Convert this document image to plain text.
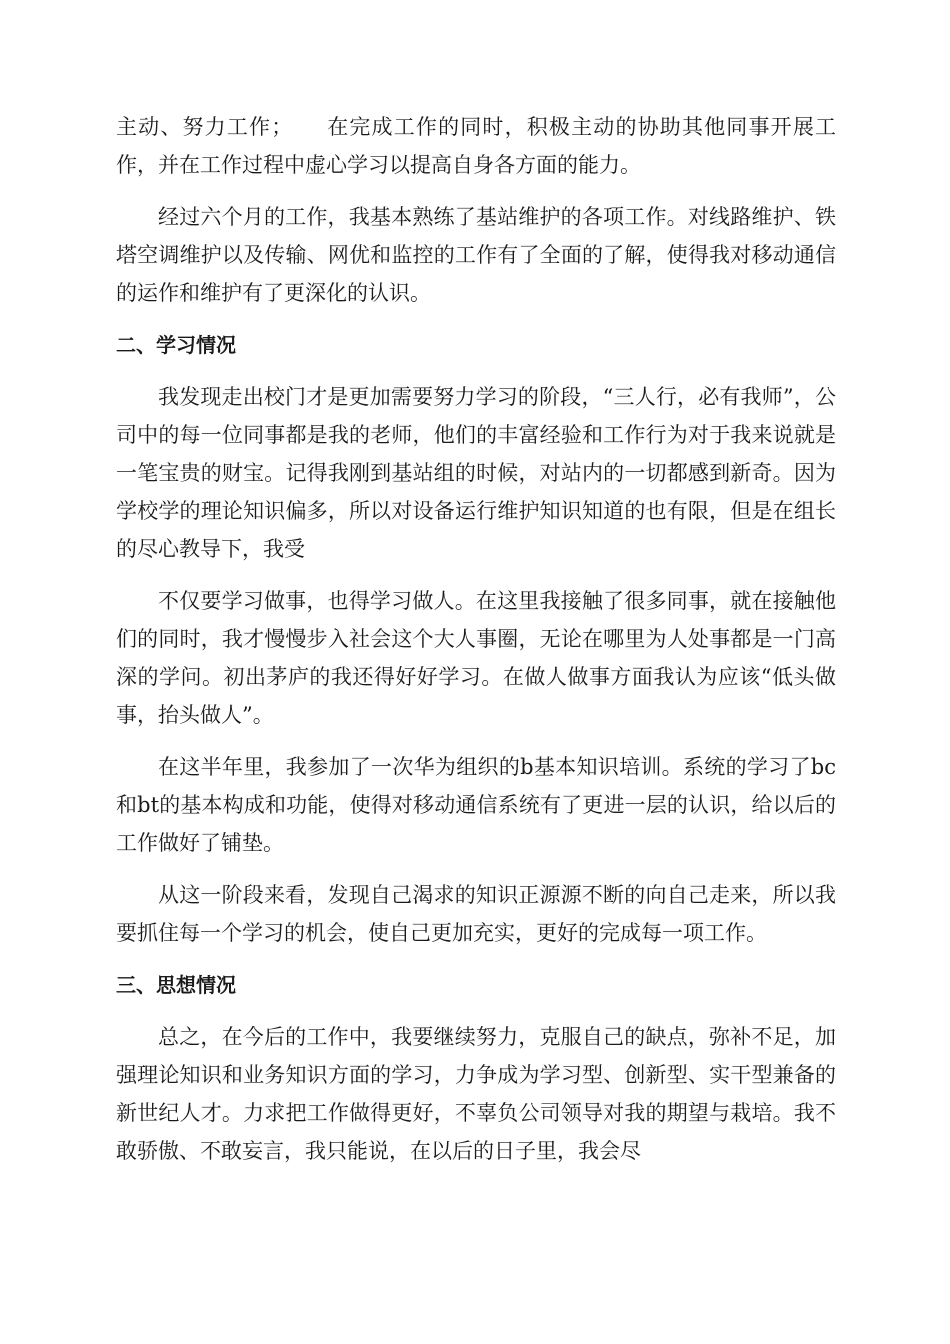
主动、努力工作；　　在完成工作的同时，积极主动的协助其他同事开展工作，并在工作过程中虚心学习以提高自身各方面的能力。

经过六个月的工作，我基本熟练了基站维护的各项工作。对线路维护、铁塔空调维护以及传输、网优和监控的工作有了全面的了解，使得我对移动通信的运作和维护有了更深化的认识。

二、学习情况

我发现走出校门才是更加需要努力学习的阶段，“三人行，必有我师”，公司中的每一位同事都是我的老师，他们的丰富经验和工作行为对于我来说就是一笔宝贵的财宝。记得我刚到基站组的时候，对站内的一切都感到新奇。因为学校学的理论知识偏多，所以对设备运行维护知识知道的也有限，但是在组长的尽心教导下，我受

不仅要学习做事，也得学习做人。在这里我接触了很多同事，就在接触他们的同时，我才慢慢步入社会这个大人事圈，无论在哪里为人处事都是一门高深的学问。初出茅庐的我还得好好学习。在做人做事方面我认为应该“低头做事，抬头做人”。

在这半年里，我参加了一次华为组织的b基本知识培训。系统的学习了bc和bt的基本构成和功能，使得对移动通信系统有了更进一层的认识，给以后的工作做好了铺垫。

从这一阶段来看，发现自己渴求的知识正源源不断的向自己走来，所以我要抓住每一个学习的机会，使自己更加充实，更好的完成每一项工作。

三、思想情况

总之，在今后的工作中，我要继续努力，克服自己的缺点，弥补不足，加强理论知识和业务知识方面的学习，力争成为学习型、创新型、实干型兼备的新世纪人才。力求把工作做得更好，不辜负公司领导对我的期望与栽培。我不敢骄傲、不敢妄言，我只能说，在以后的日子里，我会尽
